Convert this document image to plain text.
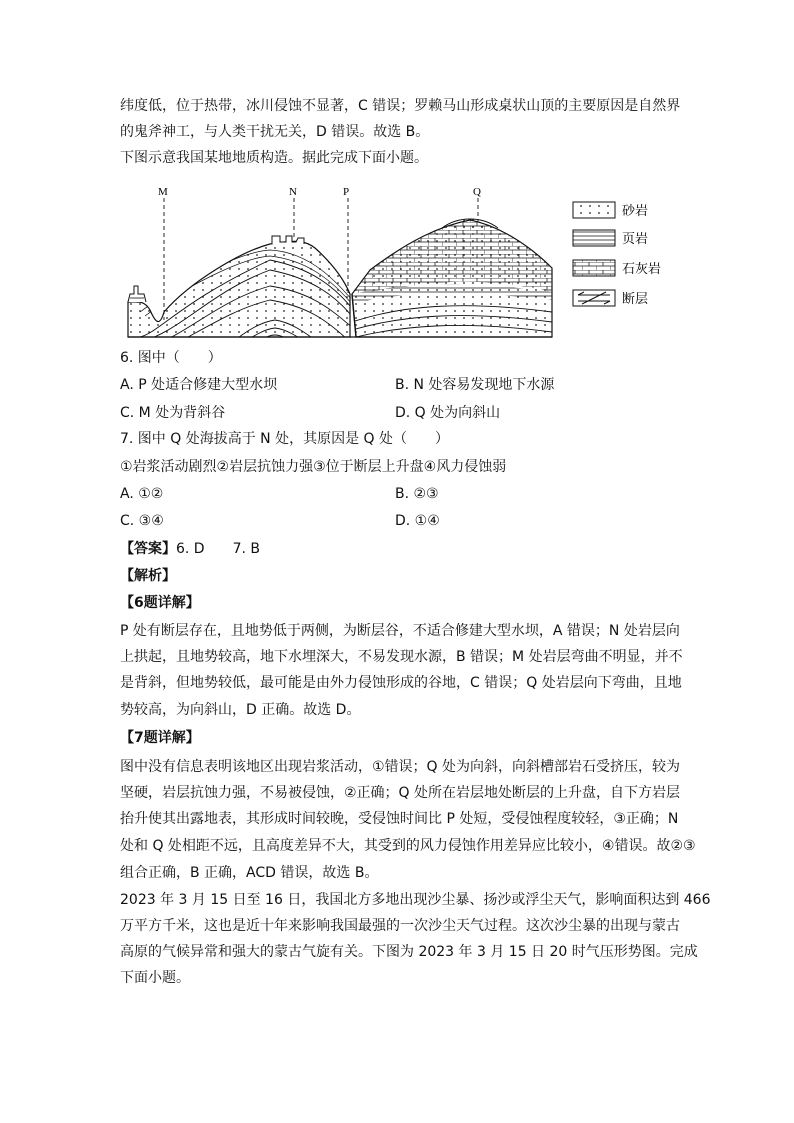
纬度低，位于热带，冰川侵蚀不显著，C 错误；罗赖马山形成桌状山顶的主要原因是自然界
的鬼斧神工，与人类干扰无关，D 错误。故选 B。
下图示意我国某地地质构造。据此完成下面小题。
M	N	P	Q
砂岩
页岩
石灰岩
断层
6. 图中（　　）
A. P 处适合修建大型水坝	B. N 处容易发现地下水源
C. M 处为背斜谷	D. Q 处为向斜山
7. 图中 Q 处海拔高于 N 处，其原因是 Q 处（　　）
①岩浆活动剧烈②岩层抗蚀力强③位于断层上升盘④风力侵蚀弱
A. ①②	B. ②③
C. ③④	D. ①④
【答案】6. D　　7. B
【解析】
【6题详解】
P 处有断层存在，且地势低于两侧，为断层谷，不适合修建大型水坝，A 错误；N 处岩层向
上拱起，且地势较高，地下水埋深大，不易发现水源，B 错误；M 处岩层弯曲不明显，并不
是背斜，但地势较低，最可能是由外力侵蚀形成的谷地，C 错误；Q 处岩层向下弯曲，且地
势较高，为向斜山，D 正确。故选 D。
【7题详解】
图中没有信息表明该地区出现岩浆活动，①错误；Q 处为向斜，向斜槽部岩石受挤压，较为
坚硬，岩层抗蚀力强，不易被侵蚀，②正确；Q 处所在岩层地处断层的上升盘，自下方岩层
抬升使其出露地表，其形成时间较晚，受侵蚀时间比 P 处短，受侵蚀程度较轻，③正确；N
处和 Q 处相距不远，且高度差异不大，其受到的风力侵蚀作用差异应比较小，④错误。故②③
组合正确，B 正确，ACD 错误，故选 B。
2023 年 3 月 15 日至 16 日，我国北方多地出现沙尘暴、扬沙或浮尘天气，影响面积达到 466
万平方千米，这也是近十年来影响我国最强的一次沙尘天气过程。这次沙尘暴的出现与蒙古
高原的气候异常和强大的蒙古气旋有关。下图为 2023 年 3 月 15 日 20 时气压形势图。完成
下面小题。
